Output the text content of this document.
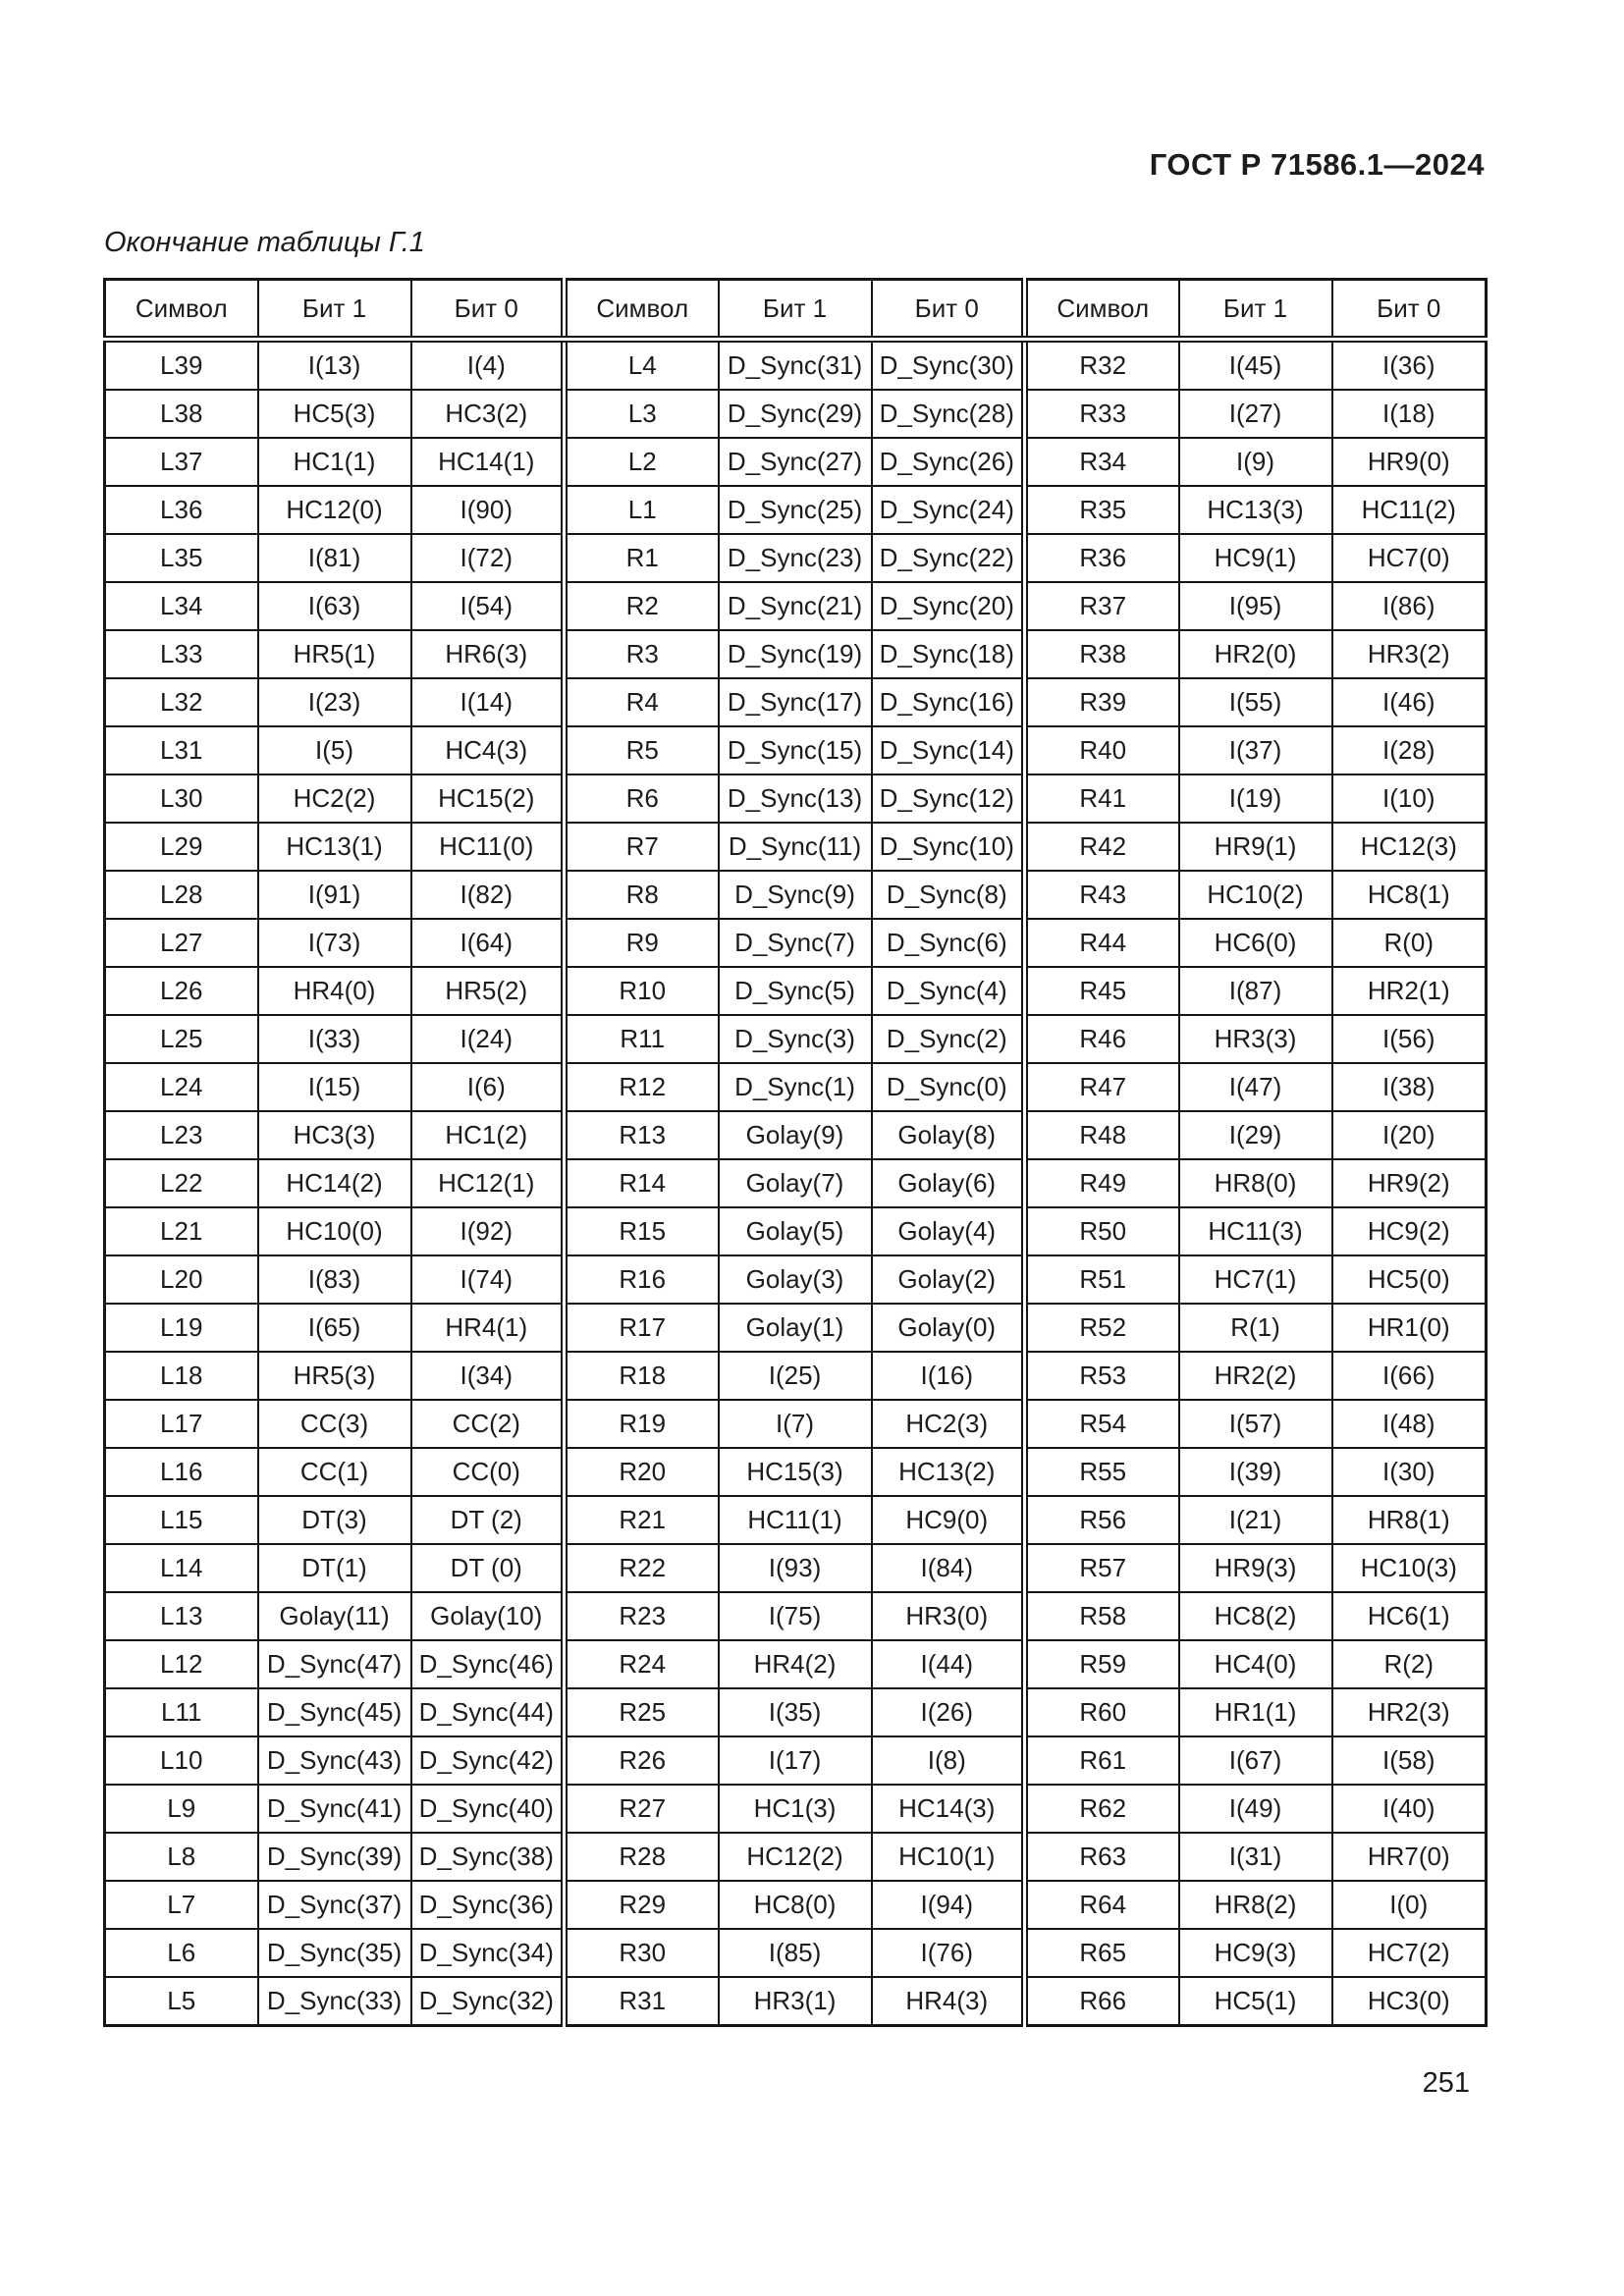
ГОСТ Р 71586.1—2024
Окончание таблицы Г.1
Символ	Бит 1	Бит 0	Символ	Бит 1	Бит 0	Символ	Бит 1	Бит 0
L39	I(13)	I(4)	L4	D_Sync(31)	D_Sync(30)	R32	I(45)	I(36)
L38	HC5(3)	HC3(2)	L3	D_Sync(29)	D_Sync(28)	R33	I(27)	I(18)
L37	HC1(1)	HC14(1)	L2	D_Sync(27)	D_Sync(26)	R34	I(9)	HR9(0)
L36	HC12(0)	I(90)	L1	D_Sync(25)	D_Sync(24)	R35	HC13(3)	HC11(2)
L35	I(81)	I(72)	R1	D_Sync(23)	D_Sync(22)	R36	HC9(1)	HC7(0)
L34	I(63)	I(54)	R2	D_Sync(21)	D_Sync(20)	R37	I(95)	I(86)
L33	HR5(1)	HR6(3)	R3	D_Sync(19)	D_Sync(18)	R38	HR2(0)	HR3(2)
L32	I(23)	I(14)	R4	D_Sync(17)	D_Sync(16)	R39	I(55)	I(46)
L31	I(5)	HC4(3)	R5	D_Sync(15)	D_Sync(14)	R40	I(37)	I(28)
L30	HC2(2)	HC15(2)	R6	D_Sync(13)	D_Sync(12)	R41	I(19)	I(10)
L29	HC13(1)	HC11(0)	R7	D_Sync(11)	D_Sync(10)	R42	HR9(1)	HC12(3)
L28	I(91)	I(82)	R8	D_Sync(9)	D_Sync(8)	R43	HC10(2)	HC8(1)
L27	I(73)	I(64)	R9	D_Sync(7)	D_Sync(6)	R44	HC6(0)	R(0)
L26	HR4(0)	HR5(2)	R10	D_Sync(5)	D_Sync(4)	R45	I(87)	HR2(1)
L25	I(33)	I(24)	R11	D_Sync(3)	D_Sync(2)	R46	HR3(3)	I(56)
L24	I(15)	I(6)	R12	D_Sync(1)	D_Sync(0)	R47	I(47)	I(38)
L23	HC3(3)	HC1(2)	R13	Golay(9)	Golay(8)	R48	I(29)	I(20)
L22	HC14(2)	HC12(1)	R14	Golay(7)	Golay(6)	R49	HR8(0)	HR9(2)
L21	HC10(0)	I(92)	R15	Golay(5)	Golay(4)	R50	HC11(3)	HC9(2)
L20	I(83)	I(74)	R16	Golay(3)	Golay(2)	R51	HC7(1)	HC5(0)
L19	I(65)	HR4(1)	R17	Golay(1)	Golay(0)	R52	R(1)	HR1(0)
L18	HR5(3)	I(34)	R18	I(25)	I(16)	R53	HR2(2)	I(66)
L17	CC(3)	CC(2)	R19	I(7)	HC2(3)	R54	I(57)	I(48)
L16	CC(1)	CC(0)	R20	HC15(3)	HC13(2)	R55	I(39)	I(30)
L15	DT(3)	DT (2)	R21	HC11(1)	HC9(0)	R56	I(21)	HR8(1)
L14	DT(1)	DT (0)	R22	I(93)	I(84)	R57	HR9(3)	HC10(3)
L13	Golay(11)	Golay(10)	R23	I(75)	HR3(0)	R58	HC8(2)	HC6(1)
L12	D_Sync(47)	D_Sync(46)	R24	HR4(2)	I(44)	R59	HC4(0)	R(2)
L11	D_Sync(45)	D_Sync(44)	R25	I(35)	I(26)	R60	HR1(1)	HR2(3)
L10	D_Sync(43)	D_Sync(42)	R26	I(17)	I(8)	R61	I(67)	I(58)
L9	D_Sync(41)	D_Sync(40)	R27	HC1(3)	HC14(3)	R62	I(49)	I(40)
L8	D_Sync(39)	D_Sync(38)	R28	HC12(2)	HC10(1)	R63	I(31)	HR7(0)
L7	D_Sync(37)	D_Sync(36)	R29	HC8(0)	I(94)	R64	HR8(2)	I(0)
L6	D_Sync(35)	D_Sync(34)	R30	I(85)	I(76)	R65	HC9(3)	HC7(2)
L5	D_Sync(33)	D_Sync(32)	R31	HR3(1)	HR4(3)	R66	HC5(1)	HC3(0)
251
